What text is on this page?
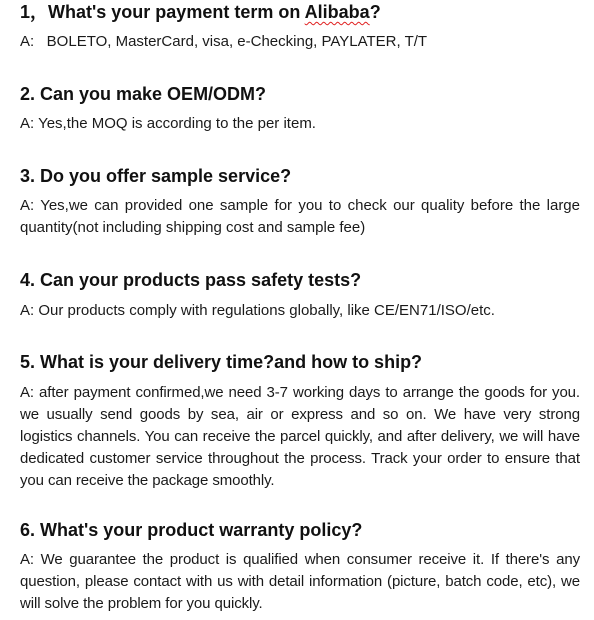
1，What's your payment term on Alibaba?

A:   BOLETO, MasterCard, visa, e-Checking, PAYLATER, T/T

2. Can you make OEM/ODM?

A: Yes,the MOQ is according to the per item.

3. Do you offer sample service?

A: Yes,we can provided one sample for you to check our quality before the large quantity(not including shipping cost and sample fee)

4. Can your products pass safety tests?

A: Our products comply with regulations globally, like CE/EN71/ISO/etc.

5. What is your delivery time?and how to ship?

A: after payment confirmed,we need 3-7 working days to arrange the goods for you. we usually send goods by sea, air or express and so on. We have very strong logistics channels. You can receive the parcel quickly, and after delivery, we will have dedicated customer service throughout the process. Track your order to ensure that you can receive the package smoothly.

6. What's your product warranty policy?

A: We guarantee the product is qualified when consumer receive it. If there's any question, please contact with us with detail information (picture, batch code, etc), we will solve the problem for you quickly.
